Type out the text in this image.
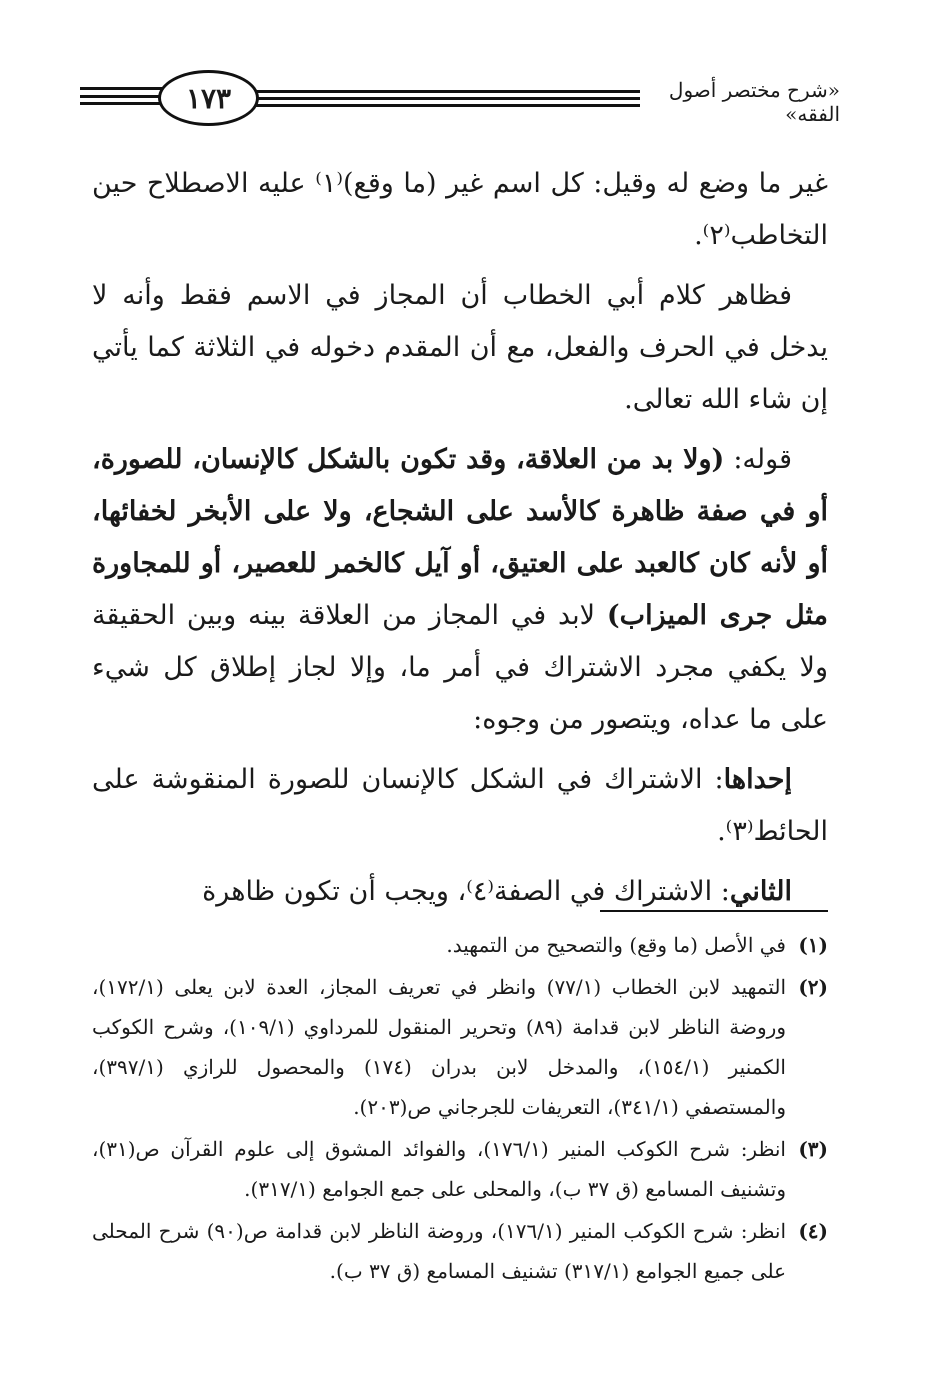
١٧٣	«شرح مختصر أصول الفقه»

غير ما وضع له وقيل: كل اسم غير (ما وقع)⁽١⁾ عليه الاصطلاح حين التخاطب⁽٢⁾.

فظاهر كلام أبي الخطاب أن المجاز في الاسم فقط وأنه لا يدخل في الحرف والفعل، مع أن المقدم دخوله في الثلاثة كما يأتي إن شاء الله تعالى.

قوله: (ولا بد من العلاقة، وقد تكون بالشكل كالإنسان، للصورة، أو في صفة ظاهرة كالأسد على الشجاع، ولا على الأبخر لخفائها، أو لأنه كان كالعبد على العتيق، أو آيل كالخمر للعصير، أو للمجاورة مثل جرى الميزاب) لابد في المجاز من العلاقة بينه وبين الحقيقة ولا يكفي مجرد الاشتراك في أمر ما، وإلا لجاز إطلاق كل شيء على ما عداه، ويتصور من وجوه:

إحداها: الاشتراك في الشكل كالإنسان للصورة المنقوشة على الحائط⁽٣⁾.

الثاني: الاشتراك في الصفة⁽٤⁾، ويجب أن تكون ظاهرة

(١)
في الأصل (ما وقع) والتصحيح من التمهيد.
(٢)
التمهيد لابن الخطاب (٧٧/١) وانظر في تعريف المجاز، العدة لابن يعلى (١٧٢/١)، وروضة الناظر لابن قدامة (٨٩) وتحرير المنقول للمرداوي (١٠٩/١)، وشرح الكوكب الكمنير (١٥٤/١)، والمدخل لابن بدران (١٧٤) والمحصول للرازي (٣٩٧/١)، والمستصفي (٣٤١/١)، التعريفات للجرجاني ص(٢٠٣).
(٣)
انظر: شرح الكوكب المنير (١٧٦/١)، والفوائد المشوق إلى علوم القرآن ص(٣١)، وتشنيف المسامع (ق ٣٧ ب)، والمحلى على جمع الجوامع (٣١٧/١).
(٤)
انظر: شرح الكوكب المنير (١٧٦/١)، وروضة الناظر لابن قدامة ص(٩٠) شرح المحلى على جميع الجوامع (٣١٧/١) تشنيف المسامع (ق ٣٧ ب).
